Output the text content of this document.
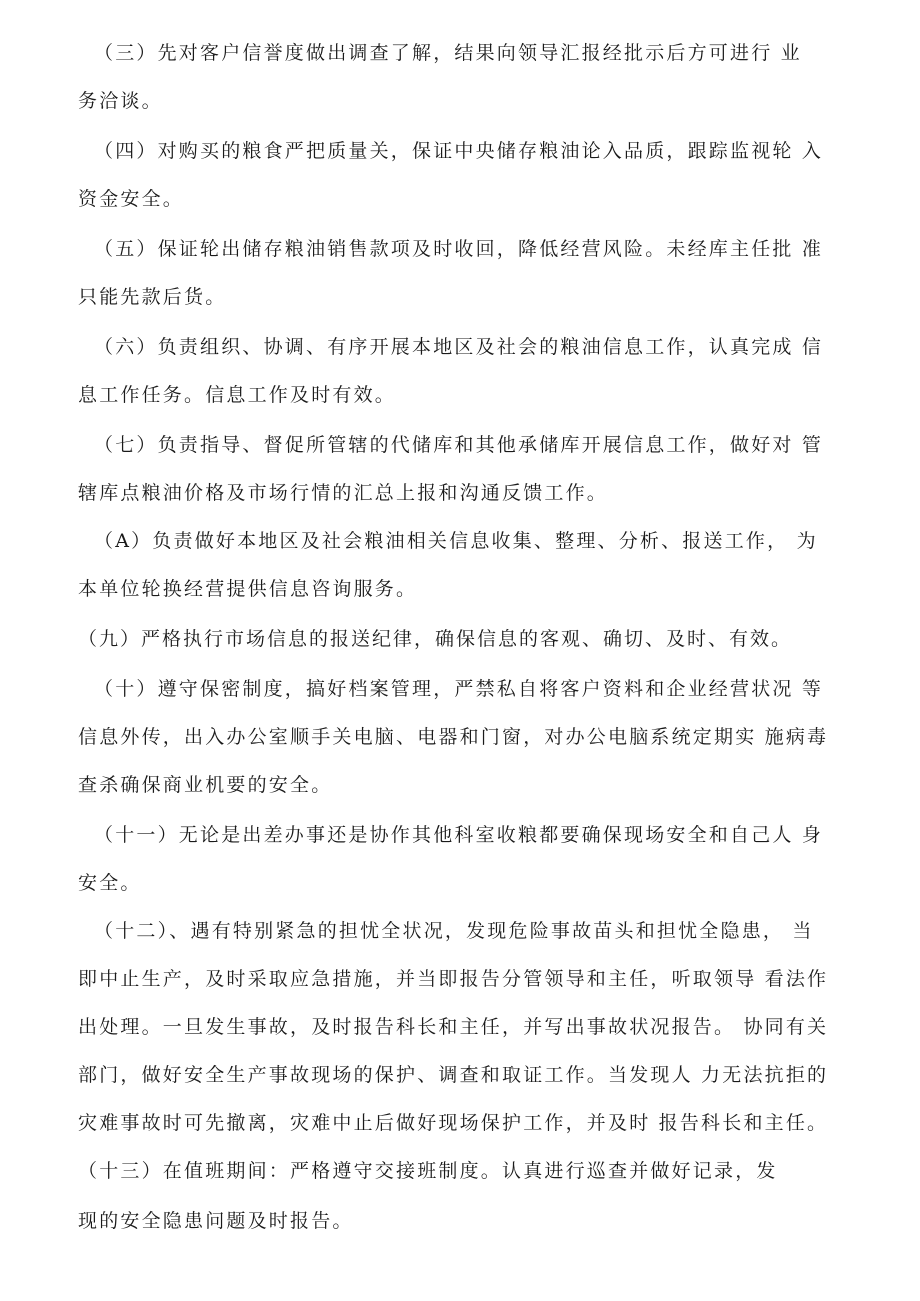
（三）先对客户信誉度做出调查了解，结果向领导汇报经批示后方可进行 业
务洽谈。
（四）对购买的粮食严把质量关，保证中央储存粮油论入品质，跟踪监视轮 入
资金安全。
（五）保证轮出储存粮油销售款项及时收回，降低经营风险。未经库主任批 准
只能先款后货。
（六）负责组织、协调、有序开展本地区及社会的粮油信息工作，认真完成 信
息工作任务。信息工作及时有效。
（七）负责指导、督促所管辖的代储库和其他承储库开展信息工作，做好对 管
辖库点粮油价格及市场行情的汇总上报和沟通反馈工作。
（A）负责做好本地区及社会粮油相关信息收集、整理、分析、报送工作， 为
本单位轮换经营提供信息咨询服务。
（九）严格执行市场信息的报送纪律，确保信息的客观、确切、及时、有效。
（十）遵守保密制度，搞好档案管理，严禁私自将客户资料和企业经营状况 等
信息外传，出入办公室顺手关电脑、电器和门窗，对办公电脑系统定期实 施病毒
查杀确保商业机要的安全。
（十一）无论是出差办事还是协作其他科室收粮都要确保现场安全和自己人 身
安全。
（十二）、遇有特别紧急的担忧全状况，发现危险事故苗头和担忧全隐患， 当
即中止生产，及时采取应急措施，并当即报告分管领导和主任，听取领导 看法作
出处理。一旦发生事故，及时报告科长和主任，并写出事故状况报告。 协同有关
部门，做好安全生产事故现场的保护、调查和取证工作。当发现人 力无法抗拒的
灾难事故时可先撤离，灾难中止后做好现场保护工作，并及时 报告科长和主任。
（十三）在值班期间：严格遵守交接班制度。认真进行巡查并做好记录，发
现的安全隐患问题及时报告。
